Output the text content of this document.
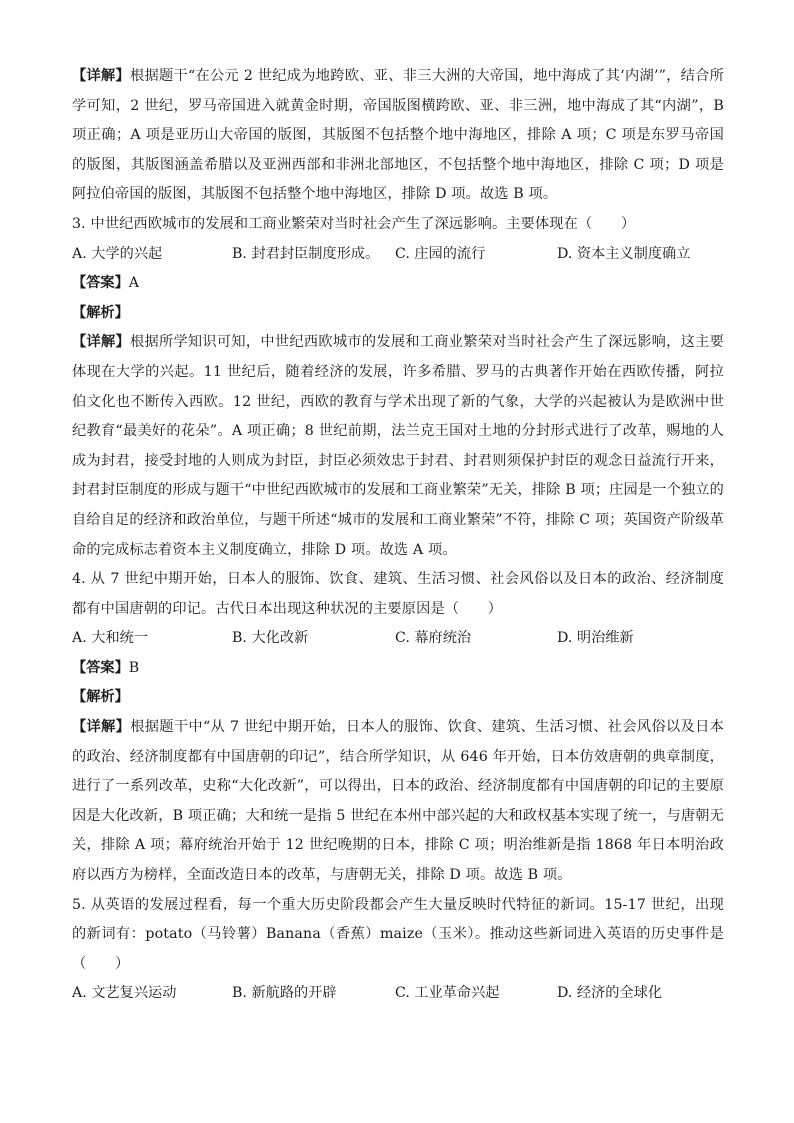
【详解】根据题干“在公元 2 世纪成为地跨欧、亚、非三大洲的大帝国，地中海成了其‘内湖’”，结合所学可知，2 世纪，罗马帝国进入就黄金时期，帝国版图横跨欧、亚、非三洲，地中海成了其“内湖”，B 项正确；A 项是亚历山大帝国的版图，其版图不包括整个地中海地区，排除 A 项；C 项是东罗马帝国的版图，其版图涵盖希腊以及亚洲西部和非洲北部地区，不包括整个地中海地区，排除 C 项；D 项是阿拉伯帝国的版图，其版图不包括整个地中海地区，排除 D 项。故选 B 项。

3. 中世纪西欧城市的发展和工商业繁荣对当时社会产生了深远影响。主要体现在（　　）

A. 大学的兴起	B. 封君封臣制度形成。	C. 庄园的流行	D. 资本主义制度确立

【答案】A

【解析】

【详解】根据所学知识可知，中世纪西欧城市的发展和工商业繁荣对当时社会产生了深远影响，这主要体现在大学的兴起。11 世纪后，随着经济的发展，许多希腊、罗马的古典著作开始在西欧传播，阿拉伯文化也不断传入西欧。12 世纪，西欧的教育与学术出现了新的气象，大学的兴起被认为是欧洲中世纪教育“最美好的花朵”。A 项正确；8 世纪前期，法兰克王国对土地的分封形式进行了改革，赐地的人成为封君，接受封地的人则成为封臣，封臣必须效忠于封君、封君则须保护封臣的观念日益流行开来，封君封臣制度的形成与题干“中世纪西欧城市的发展和工商业繁荣”无关，排除 B 项；庄园是一个独立的自给自足的经济和政治单位，与题干所述“城市的发展和工商业繁荣”不符，排除 C 项；英国资产阶级革命的完成标志着资本主义制度确立，排除 D 项。故选 A 项。

4. 从 7 世纪中期开始，日本人的服饰、饮食、建筑、生活习惯、社会风俗以及日本的政治、经济制度都有中国唐朝的印记。古代日本出现这种状况的主要原因是（　　）

A. 大和统一	B. 大化改新	C. 幕府统治	D. 明治维新

【答案】B

【解析】

【详解】根据题干中“从 7 世纪中期开始，日本人的服饰、饮食、建筑、生活习惯、社会风俗以及日本的政治、经济制度都有中国唐朝的印记”，结合所学知识，从 646 年开始，日本仿效唐朝的典章制度，进行了一系列改革，史称“大化改新”，可以得出，日本的政治、经济制度都有中国唐朝的印记的主要原因是大化改新，B 项正确；大和统一是指 5 世纪在本州中部兴起的大和政权基本实现了统一，与唐朝无关，排除 A 项；幕府统治开始于 12 世纪晚期的日本，排除 C 项；明治维新是指 1868 年日本明治政府以西方为榜样，全面改造日本的改革，与唐朝无关，排除 D 项。故选 B 项。

5. 从英语的发展过程看，每一个重大历史阶段都会产生大量反映时代特征的新词。15-17 世纪，出现的新词有：potato（马铃薯）Banana（香蕉）maize（玉米）。推动这些新词进入英语的历史事件是（　　）

A. 文艺复兴运动	B. 新航路的开辟	C. 工业革命兴起	D. 经济的全球化
